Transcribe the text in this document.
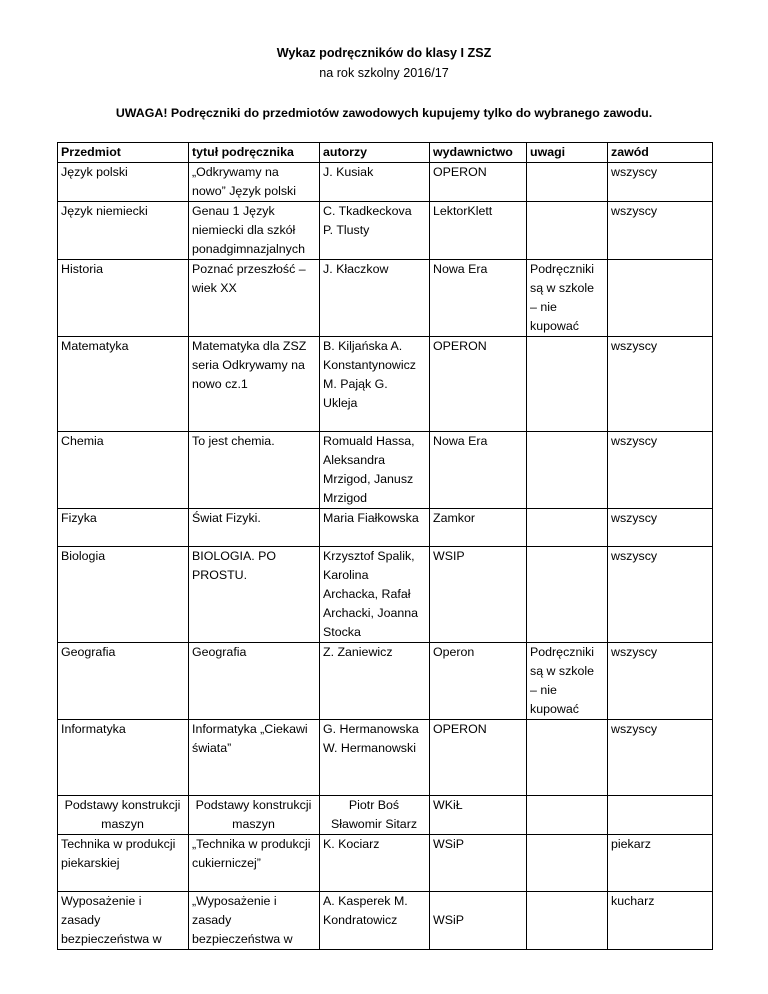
Wykaz podręczników do klasy I ZSZ
na rok szkolny 2016/17
UWAGA! Podręczniki do przedmiotów zawodowych kupujemy tylko do wybranego zawodu.
Przedmiot	tytuł podręcznika	autorzy	wydawnictwo	uwagi	zawód
Język polski	„Odkrywamy na nowo” Język polski	J. Kusiak	OPERON		wszyscy
Język niemiecki	Genau 1 Język niemiecki dla szkół ponadgimnazjalnych	C. Tkadkeckova P. Tlusty	LektorKlett		wszyscy
Historia	Poznać przeszłość – wiek XX	J. Kłaczkow	Nowa Era	Podręczniki są w szkole – nie kupować	
Matematyka	Matematyka dla ZSZ seria Odkrywamy na nowo cz.1	B. Kiljańska A. Konstantynowicz M. Pająk G. Ukleja	OPERON		wszyscy
Chemia	To jest chemia.	Romuald Hassa, Aleksandra Mrzigod, Janusz Mrzigod	Nowa Era		wszyscy
Fizyka	Świat Fizyki.	Maria Fiałkowska	Zamkor		wszyscy
Biologia	BIOLOGIA. PO PROSTU.	Krzysztof Spalik, Karolina Archacka, Rafał Archacki, Joanna Stocka	WSIP		wszyscy
Geografia	Geografia	Z. Zaniewicz	Operon	Podręczniki są w szkole – nie kupować	wszyscy
Informatyka	Informatyka „Ciekawi świata”	G. Hermanowska W. Hermanowski	OPERON		wszyscy
Podstawy konstrukcji maszyn	Podstawy konstrukcji maszyn	Piotr Boś Sławomir Sitarz	WKiŁ		
Technika w produkcji piekarskiej	„Technika w produkcji cukierniczej”	K. Kociarz	WSiP		piekarz
Wyposażenie i zasady bezpieczeństwa w	„Wyposażenie i zasady bezpieczeństwa w	A. Kasperek M. Kondratowicz	WSiP		kucharz
